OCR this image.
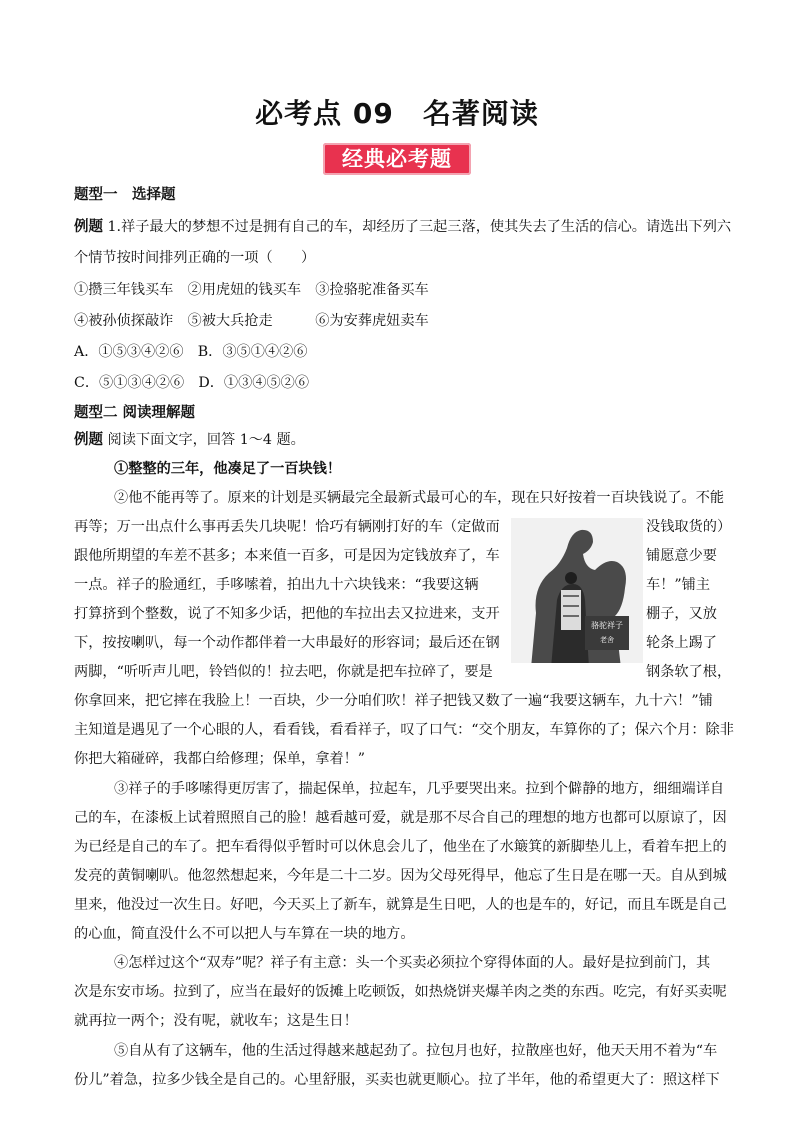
必考点 09　名著阅读
经典必考题
题型一　选择题
例题 1.祥子最大的梦想不过是拥有自己的车，却经历了三起三落，使其失去了生活的信心。请选出下列六
个情节按时间排列正确的一项（　　）
①攒三年钱买车　②用虎妞的钱买车　③捡骆驼准备买车
④被孙侦探敲诈　⑤被大兵抢走　　　⑥为安葬虎妞卖车
A．①⑤③④②⑥　B．③⑤①④②⑥
C．⑤①③④②⑥　D．①③④⑤②⑥
题型二 阅读理解题
例题 阅读下面文字，回答 1～4 题。
①整整的三年，他凑足了一百块钱！
②他不能再等了。原来的计划是买辆最完全最新式最可心的车，现在只好按着一百块钱说了。不能
再等；万一出点什么事再丢失几块呢！恰巧有辆刚打好的车（定做而
跟他所期望的车差不甚多；本来值一百多，可是因为定钱放弃了，车
一点。祥子的脸通红，手哆嗦着，拍出九十六块钱来：“我要这辆
打算挤到个整数，说了不知多少话，把他的车拉出去又拉进来，支开
下，按按喇叭，每一个动作都伴着一大串最好的形容词；最后还在钢
两脚，“听听声儿吧，铃铛似的！拉去吧，你就是把车拉碎了，要是
没钱取货的）
铺愿意少要
车！”铺主
棚子，又放
轮条上踢了
钢条软了根，
骆驼祥子
老舍
你拿回来，把它摔在我脸上！一百块，少一分咱们吹！祥子把钱又数了一遍“我要这辆车，九十六！”铺
主知道是遇见了一个心眼的人，看看钱，看看祥子，叹了口气：“交个朋友，车算你的了；保六个月：除非
你把大箱碰碎，我都白给修理；保单，拿着！”
③祥子的手哆嗦得更厉害了，揣起保单，拉起车，几乎要哭出来。拉到个僻静的地方，细细端详自
己的车，在漆板上试着照照自己的脸！越看越可爱，就是那不尽合自己的理想的地方也都可以原谅了，因
为已经是自己的车了。把车看得似乎暂时可以休息会儿了，他坐在了水簸箕的新脚垫儿上，看着车把上的
发亮的黄铜喇叭。他忽然想起来，今年是二十二岁。因为父母死得早，他忘了生日是在哪一天。自从到城
里来，他没过一次生日。好吧，今天买上了新车，就算是生日吧，人的也是车的，好记，而且车既是自己
的心血，简直没什么不可以把人与车算在一块的地方。
④怎样过这个“双寿”呢？祥子有主意：头一个买卖必须拉个穿得体面的人。最好是拉到前门，其
次是东安市场。拉到了，应当在最好的饭摊上吃顿饭，如热烧饼夹爆羊肉之类的东西。吃完，有好买卖呢
就再拉一两个；没有呢，就收车；这是生日！
⑤自从有了这辆车，他的生活过得越来越起劲了。拉包月也好，拉散座也好，他天天用不着为“车
份儿”着急，拉多少钱全是自己的。心里舒服，买卖也就更顺心。拉了半年，他的希望更大了：照这样下
